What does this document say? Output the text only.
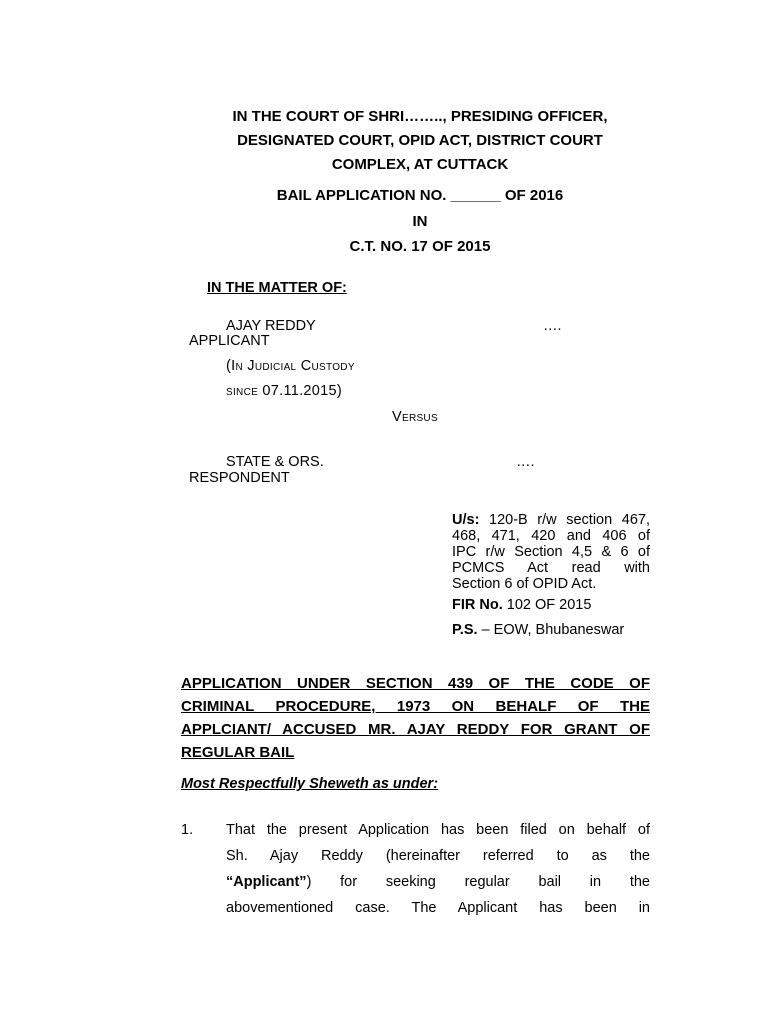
IN THE COURT OF SHRI…….., PRESIDING OFFICER,
DESIGNATED COURT, OPID ACT, DISTRICT COURT
COMPLEX, AT CUTTACK
BAIL APPLICATION NO. ______ OF 2016
IN
C.T. NO. 17 OF 2015
IN THE MATTER OF:
AJAY REDDY	….
APPLICANT
(In Judicial Custody
since 07.11.2015)
Versus
STATE & ORS.	….
RESPONDENT
U/s: 120-B r/w section 467,
468, 471, 420 and 406 of
IPC r/w Section 4,5 & 6 of
PCMCS Act read with
Section 6 of OPID Act.
FIR No. 102 OF 2015
P.S. – EOW, Bhubaneswar
APPLICATION UNDER SECTION 439 OF THE CODE OF
CRIMINAL PROCEDURE, 1973 ON BEHALF OF THE
APPLCIANT/ ACCUSED MR. AJAY REDDY FOR GRANT OF
REGULAR BAIL
Most Respectfully Sheweth as under:
1. That the present Application has been filed on behalf of
Sh. Ajay Reddy (hereinafter referred to as the
“Applicant”) for seeking regular bail in the
abovementioned case. The Applicant has been in
